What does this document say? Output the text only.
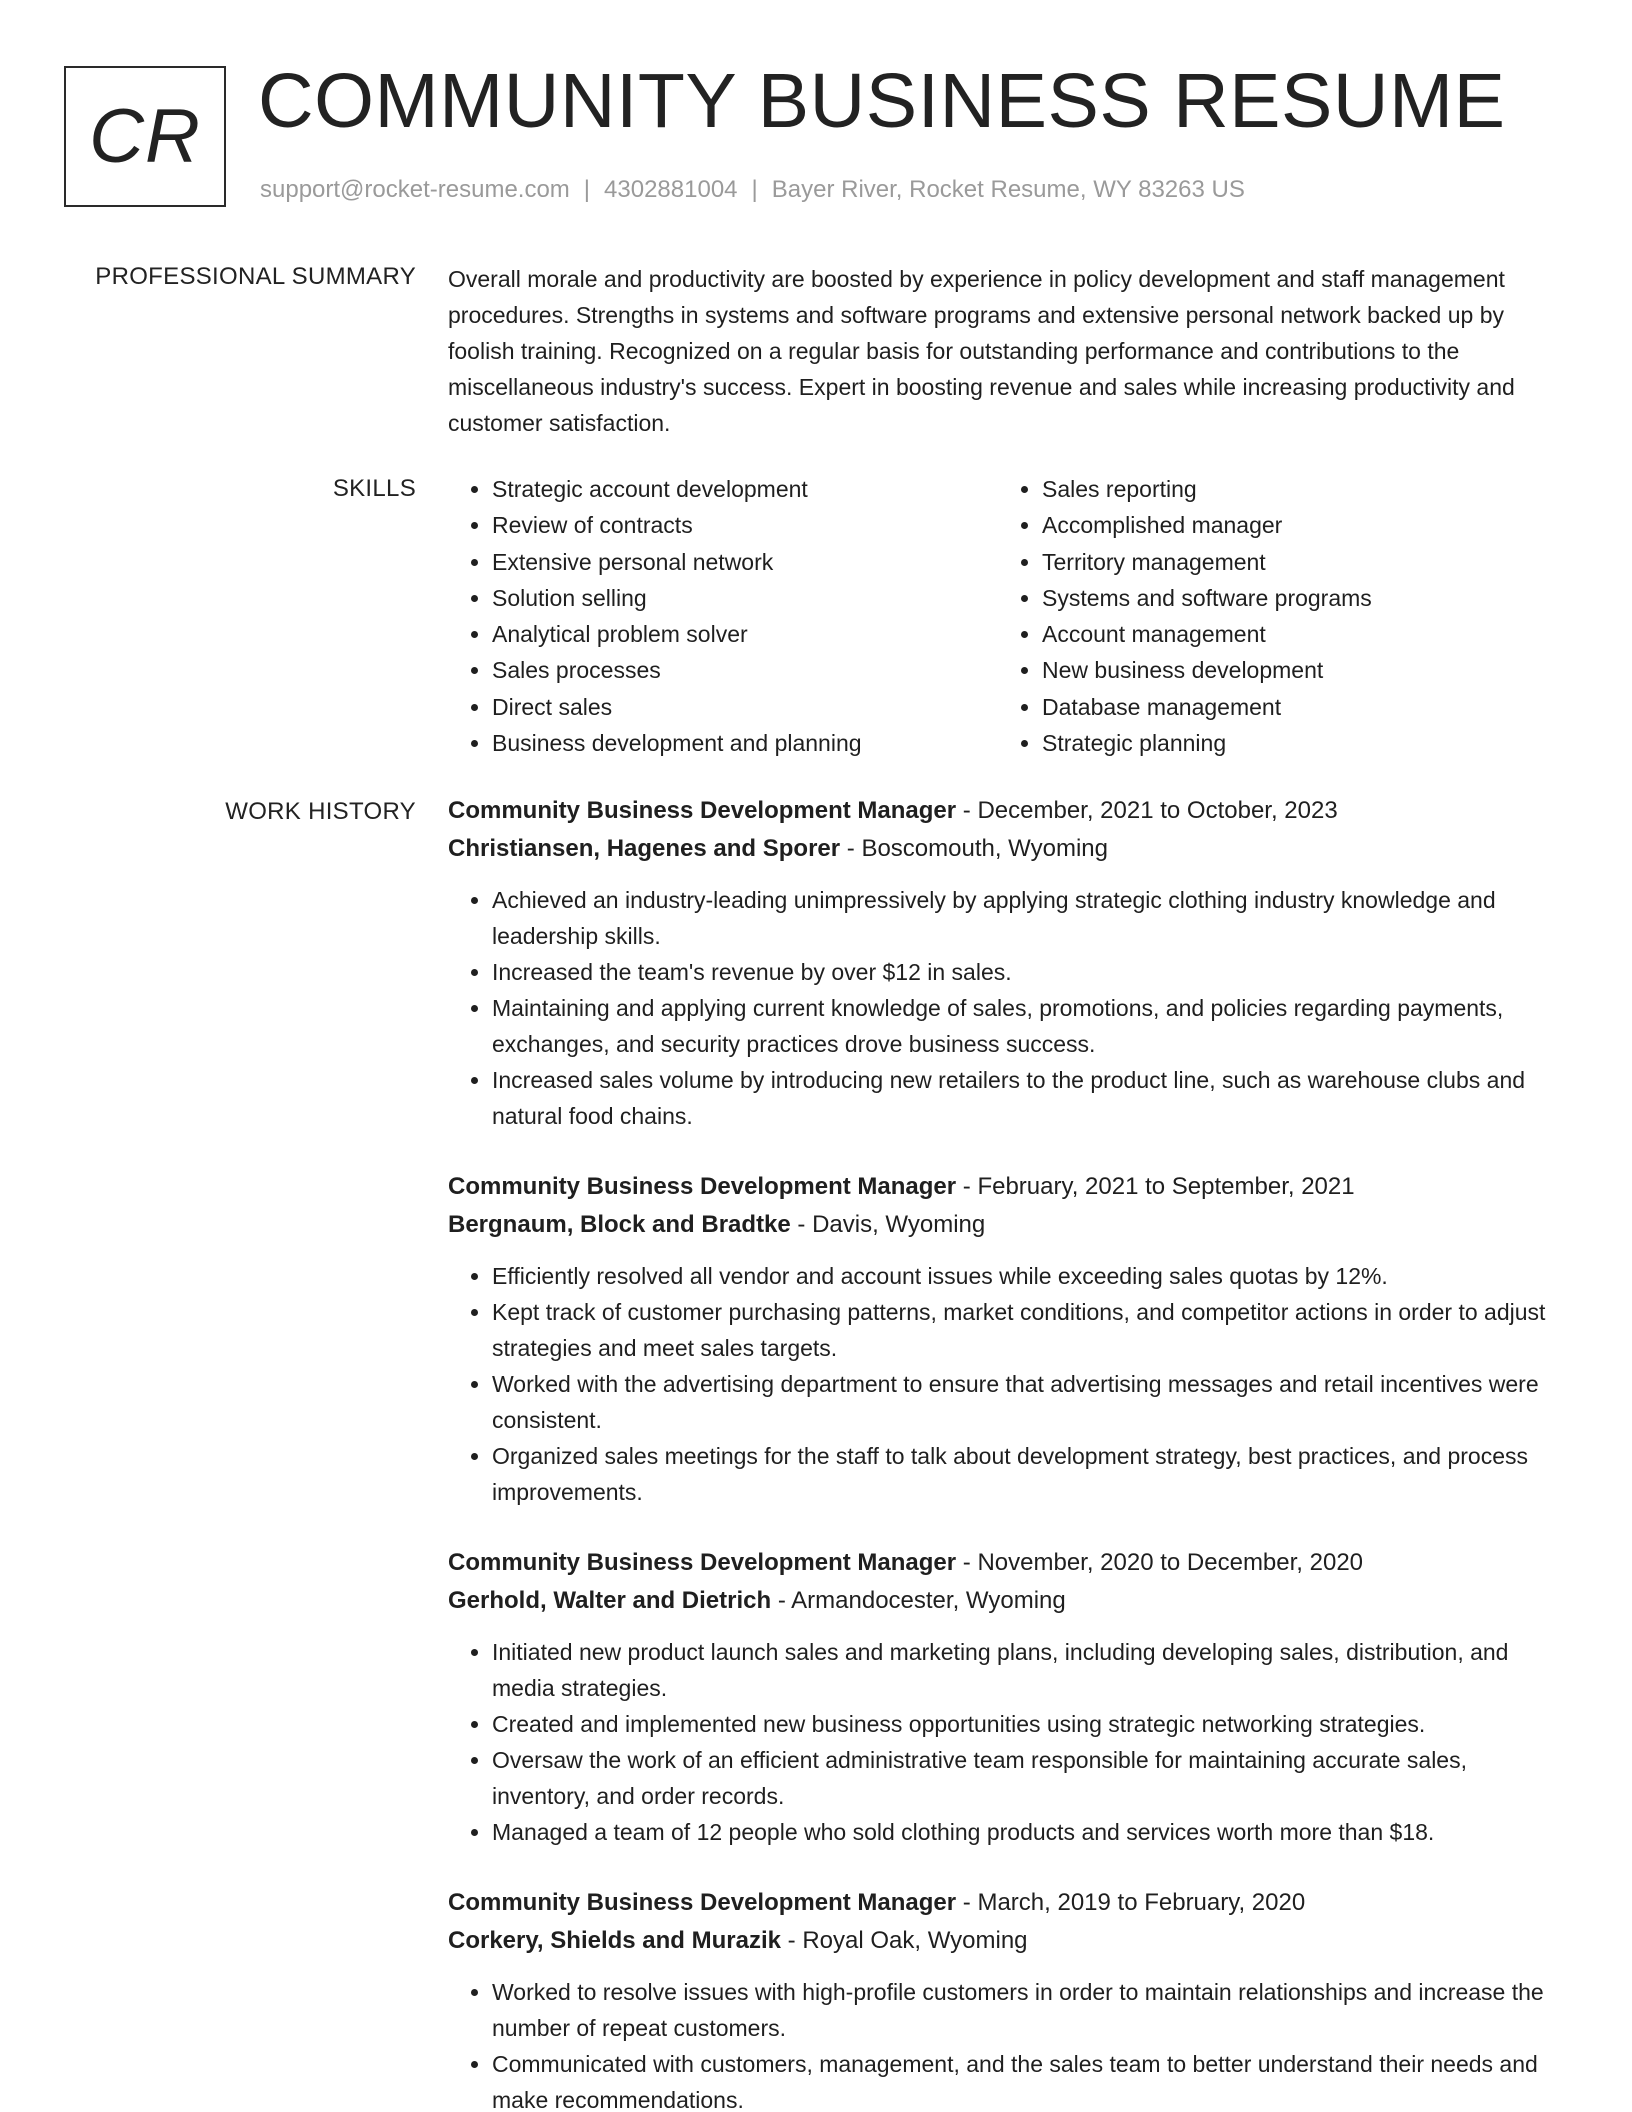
CR COMMUNITY BUSINESS RESUME
support@rocket-resume.com | 4302881004 | Bayer River, Rocket Resume, WY 83263 US
PROFESSIONAL SUMMARY Overall morale and productivity are boosted by experience in policy development and staff management procedures. Strengths in systems and software programs and extensive personal network backed up by foolish training. Recognized on a regular basis for outstanding performance and contributions to the miscellaneous industry's success. Expert in boosting revenue and sales while increasing productivity and customer satisfaction.
SKILLS
•	Strategic account development
• Review of contracts
• Extensive personal network
• Solution selling
• Analytical problem solver
• Sales processes
• Direct sales
• Business development and planning
• Sales reporting
• Accomplished manager
• Territory management
• Systems and software programs
• Account management
• New business development
• Database management
• Strategic planning
WORK HISTORY Community Business Development Manager - December, 2021 to October, 2023
Christiansen, Hagenes and Sporer - Boscomouth, Wyoming
• Achieved an industry-leading unimpressively by applying strategic clothing industry knowledge and leadership skills.
• Increased the team's revenue by over $12 in sales.
• Maintaining and applying current knowledge of sales, promotions, and policies regarding payments, exchanges, and security practices drove business success.
• Increased sales volume by introducing new retailers to the product line, such as warehouse clubs and natural food chains.
Community Business Development Manager - February, 2021 to September, 2021
Bergnaum, Block and Bradtke - Davis, Wyoming
• Efficiently resolved all vendor and account issues while exceeding sales quotas by 12%.
• Kept track of customer purchasing patterns, market conditions, and competitor actions in order to adjust strategies and meet sales targets.
• Worked with the advertising department to ensure that advertising messages and retail incentives were consistent.
• Organized sales meetings for the staff to talk about development strategy, best practices, and process improvements.
Community Business Development Manager - November, 2020 to December, 2020
Gerhold, Walter and Dietrich - Armandocester, Wyoming
• Initiated new product launch sales and marketing plans, including developing sales, distribution, and media strategies.
• Created and implemented new business opportunities using strategic networking strategies.
• Oversaw the work of an efficient administrative team responsible for maintaining accurate sales, inventory, and order records.
• Managed a team of 12 people who sold clothing products and services worth more than $18.
Community Business Development Manager - March, 2019 to February, 2020
Corkery, Shields and Murazik - Royal Oak, Wyoming
• Worked to resolve issues with high-profile customers in order to maintain relationships and increase the number of repeat customers.
• Communicated with customers, management, and the sales team to better understand their needs and make recommendations.
